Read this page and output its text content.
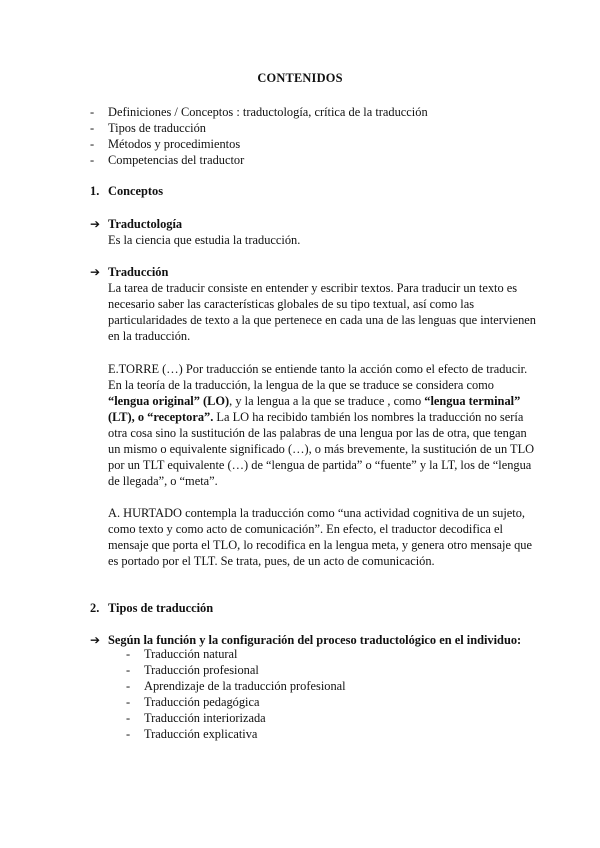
CONTENIDOS
- Definiciones / Conceptos : traductología, crítica de la traducción
- Tipos de traducción
- Métodos y procedimientos
- Competencias del traductor
1. Conceptos
➔ Traductología
Es la ciencia que estudia la traducción.
➔ Traducción
La tarea de traducir consiste en entender y escribir textos. Para traducir un texto es
necesario saber las características globales de su tipo textual, así como las
particularidades de texto a la que pertenece en cada una de las lenguas que intervienen
en la traducción.
E.TORRE (…) Por traducción se entiende tanto la acción como el efecto de traducir.
En la teoría de la traducción, la lengua de la que se traduce se considera como
“lengua original” (LO), y la lengua a la que se traduce , como “lengua terminal”
(LT), o “receptora”. La LO ha recibido también los nombres la traducción no sería
otra cosa sino la sustitución de las palabras de una lengua por las de otra, que tengan
un mismo o equivalente significado (…), o más brevemente, la sustitución de un TLO
por un TLT equivalente (…) de “lengua de partida” o “fuente” y la LT, los de “lengua
de llegada”, o “meta”.
A. HURTADO contempla la traducción como “una actividad cognitiva de un sujeto,
como texto y como acto de comunicación”. En efecto, el traductor decodifica el
mensaje que porta el TLO, lo recodifica en la lengua meta, y genera otro mensaje que
es portado por el TLT. Se trata, pues, de un acto de comunicación.
2. Tipos de traducción
➔ Según la función y la configuración del proceso traductológico en el individuo:
- Traducción natural
- Traducción profesional
- Aprendizaje de la traducción profesional
- Traducción pedagógica
- Traducción interiorizada
- Traducción explicativa
